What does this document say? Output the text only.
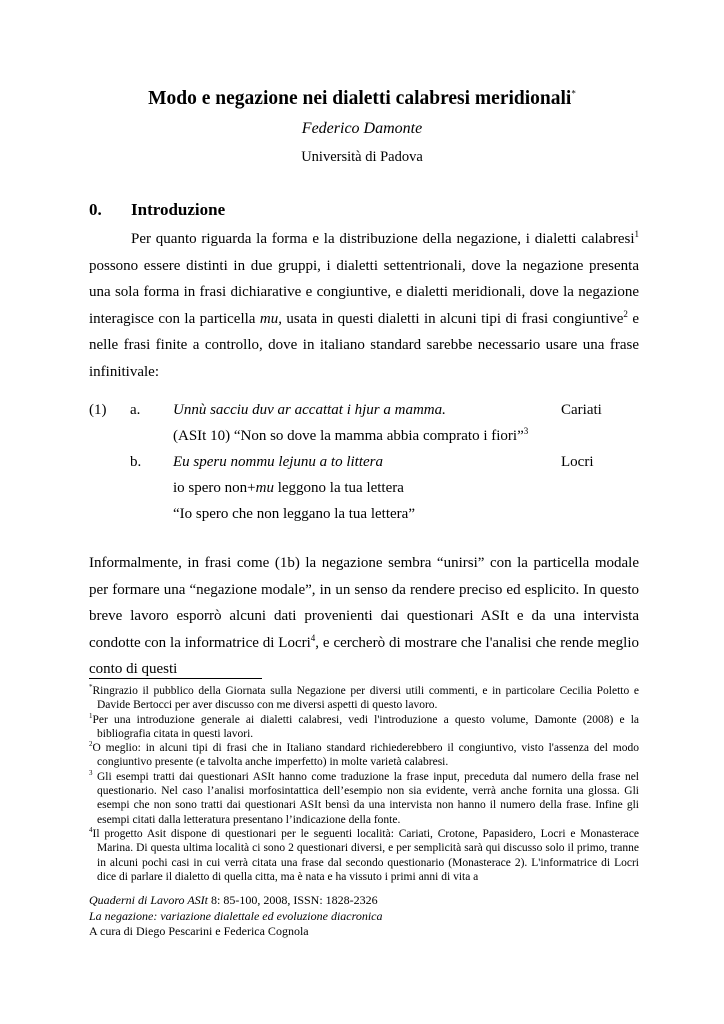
Modo e negazione nei dialetti calabresi meridionali*
Federico Damonte
Università di Padova
0. Introduzione
Per quanto riguarda la forma e la distribuzione della negazione, i dialetti calabresi$^1$ possono essere distinti in due gruppi, i dialetti settentrionali, dove la negazione presenta una sola forma in frasi dichiarative e congiuntive, e dialetti meridionali, dove la negazione interagisce con la particella mu, usata in questi dialetti in alcuni tipi di frasi congiuntive$^2$ e nelle frasi finite a controllo, dove in italiano standard sarebbe necessario usare una frase infinitivale:
(1) a. Unnù sacciu duv ar accattat i hjur a mamma.	Cariati
(ASIt 10) “Non so dove la mamma abbia comprato i fiori”$^3$
b. Eu speru nommu lejunu a to littera	Locri
io spero non+mu leggono la tua lettera
“Io spero che non leggano la tua lettera”
Informalmente, in frasi come (1b) la negazione sembra “unirsi” con la particella modale per formare una “negazione modale”, in un senso da rendere preciso ed esplicito. In questo breve lavoro esporrò alcuni dati provenienti dai questionari ASIt e da una intervista condotte con la informatrice di Locri$^4$, e cercherò di mostrare che l'analisi che rende meglio conto di questi

*Ringrazio il pubblico della Giornata sulla Negazione per diversi utili commenti, e in particolare Cecilia Poletto e Davide Bertocci per aver discusso con me diversi aspetti di questo lavoro.

$^1$Per una introduzione generale ai dialetti calabresi, vedi l'introduzione a questo volume, Damonte (2008) e la bibliografia citata in questi lavori.

$^2$O meglio: in alcuni tipi di frasi che in Italiano standard richiederebbero il congiuntivo, visto l'assenza del modo congiuntivo presente (e talvolta anche imperfetto) in molte varietà calabresi.

$^3$ Gli esempi tratti dai questionari ASIt hanno come traduzione la frase input, preceduta dal numero della frase nel questionario. Nel caso l’analisi morfosintattica dell’esempio non sia evidente, verrà anche fornita una glossa. Gli esempi che non sono tratti dai questionari ASIt bensì da una intervista non hanno il numero della frase. Infine gli esempi citati dalla letteratura presentano l’indicazione della fonte.

$^4$Il progetto Asit dispone di questionari per le seguenti località: Cariati, Crotone, Papasidero, Locri e Monasterace Marina. Di questa ultima località ci sono 2 questionari diversi, e per semplicità sarà qui discusso solo il primo, tranne in alcuni pochi casi in cui verrà citata una frase dal secondo questionario (Monasterace 2). L'informatrice di Locri dice di parlare il dialetto di quella citta, ma è nata e ha vissuto i primi anni di vita a

Quaderni di Lavoro ASIt 8: 85-100, 2008, ISSN: 1828-2326
La negazione: variazione dialettale ed evoluzione diacronica
A cura di Diego Pescarini e Federica Cognola
